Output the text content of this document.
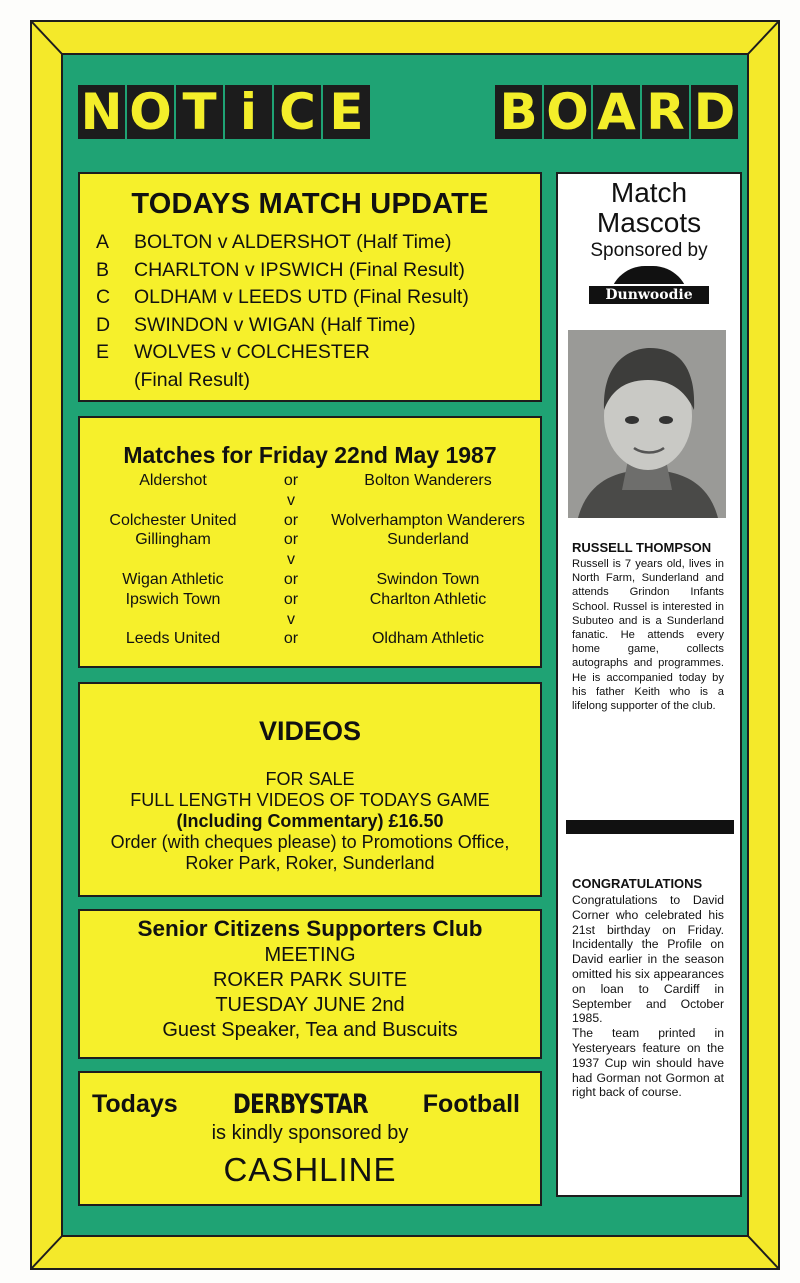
N O T i C E	B O A R D
TODAYS MATCH UPDATE
A	BOLTON v ALDERSHOT (Half Time)
B	CHARLTON v IPSWICH (Final Result)
C	OLDHAM v LEEDS UTD (Final Result)
D	SWINDON v WIGAN (Half Time)
E	WOLVES v COLCHESTER
(Final Result)
Matches for Friday 22nd May 1987
Aldershot	or	Bolton Wanderers
v
Colchester United	or	Wolverhampton Wanderers
Gillingham	or	Sunderland
v
Wigan Athletic	or	Swindon Town
Ipswich Town	or	Charlton Athletic
v
Leeds United	or	Oldham Athletic
VIDEOS
FOR SALE
FULL LENGTH VIDEOS OF TODAYS GAME
(Including Commentary) £16.50
Order (with cheques please) to Promotions Office,
Roker Park, Roker, Sunderland
Senior Citizens Supporters Club
MEETING
ROKER PARK SUITE
TUESDAY JUNE 2nd
Guest Speaker, Tea and Buscuits
Todays DERBYSTAR Football
is kindly sponsored by
CASHLINE
Match
Mascots
Sponsored by
Dunwoodie
RUSSELL THOMPSON
Russell is 7 years old, lives in North Farm, Sunderland and attends Grindon Infants School. Russel is interested in Subuteo and is a Sunderland fanatic. He attends every home game, collects autographs and programmes. He is accompanied today by his father Keith who is a lifelong supporter of the club.
CONGRATULATIONS
Congratulations to David Corner who celebrated his 21st birthday on Friday. Incidentally the Profile on David earlier in the season omitted his six appearances on loan to Cardiff in September and October 1985.
The team printed in Yesteryears feature on the 1937 Cup win should have had Gorman not Gormon at right back of course.
